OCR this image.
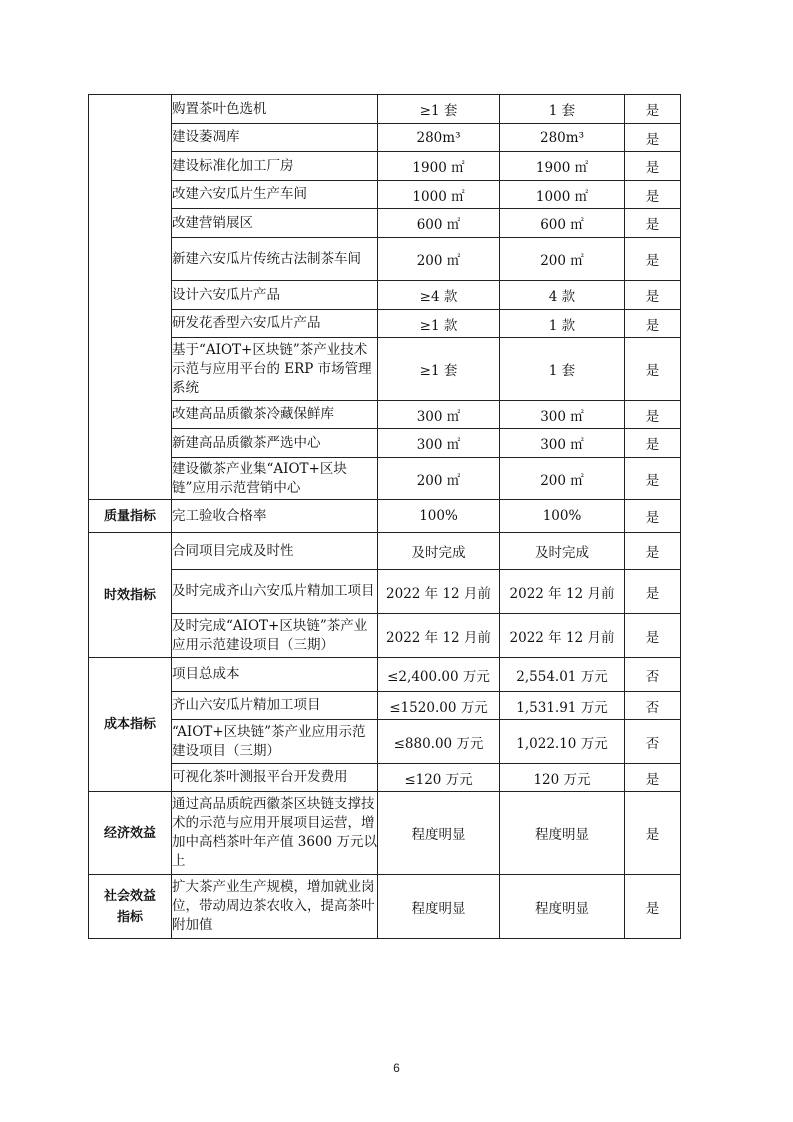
	购置茶叶色选机	≥1 套	1 套	是
	建设萎凋库	280m³	280m³	是
	建设标准化加工厂房	1900 ㎡	1900 ㎡	是
	改建六安瓜片生产车间	1000 ㎡	1000 ㎡	是
	改建营销展区	600 ㎡	600 ㎡	是
	新建六安瓜片传统古法制茶车间	200 ㎡	200 ㎡	是
	设计六安瓜片产品	≥4 款	4 款	是
	研发花香型六安瓜片产品	≥1 款	1 款	是
	基于“AIOT+区块链”茶产业技术示范与应用平台的 ERP 市场管理系统	≥1 套	1 套	是
	改建高品质徽茶冷藏保鲜库	300 ㎡	300 ㎡	是
	新建高品质徽茶严选中心	300 ㎡	300 ㎡	是
	建设徽茶产业集“AIOT+区块链”应用示范营销中心	200 ㎡	200 ㎡	是
质量指标	完工验收合格率	100%	100%	是
时效指标	合同项目完成及时性	及时完成	及时完成	是
	及时完成齐山六安瓜片精加工项目	2022 年 12 月前	2022 年 12 月前	是
	及时完成“AIOT+区块链”茶产业应用示范建设项目（三期）	2022 年 12 月前	2022 年 12 月前	是
成本指标	项目总成本	≤2,400.00 万元	2,554.01 万元	否
	齐山六安瓜片精加工项目	≤1520.00 万元	1,531.91 万元	否
	“AIOT+区块链”茶产业应用示范建设项目（三期）	≤880.00 万元	1,022.10 万元	否
	可视化茶叶测报平台开发费用	≤120 万元	120 万元	是
经济效益	通过高品质皖西徽茶区块链支撑技术的示范与应用开展项目运营，增加中高档茶叶年产值 3600 万元以上	程度明显	程度明显	是
社会效益指标	扩大茶产业生产规模，增加就业岗位，带动周边茶农收入，提高茶叶附加值	程度明显	程度明显	是
6
